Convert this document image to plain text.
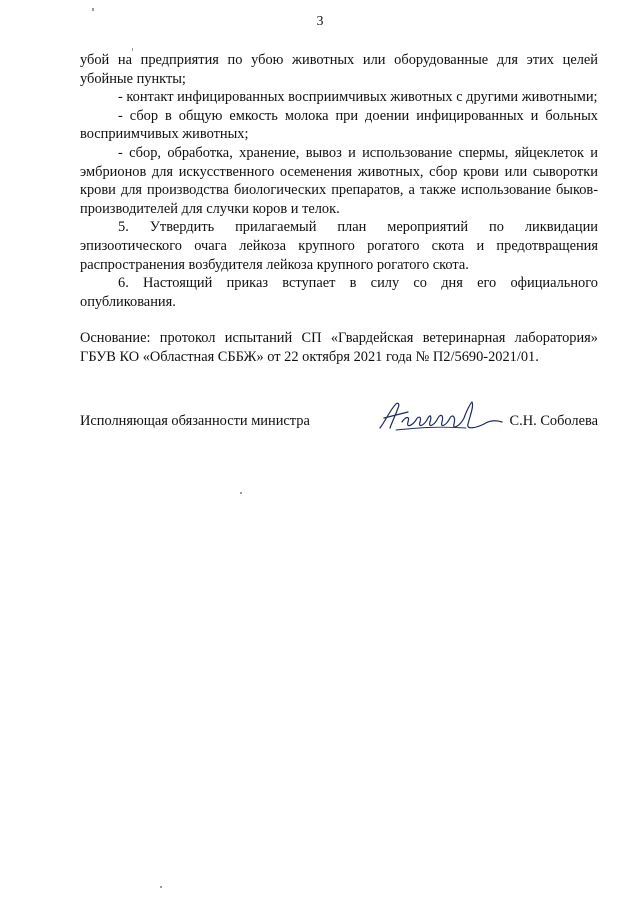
3

убой на предприятия по убою животных или оборудованные для этих целей убойные пункты;

- контакт инфицированных восприимчивых животных с другими животными;

- сбор в общую емкость молока при доении инфицированных и больных восприимчивых животных;

- сбор, обработка, хранение, вывоз и использование спермы, яйцеклеток и эмбрионов для искусственного осеменения животных, сбор крови или сыворотки крови для производства биологических препаратов, а также использование быков-производителей для случки коров и телок.

5. Утвердить прилагаемый план мероприятий по ликвидации эпизоотического очага лейкоза крупного рогатого скота и предотвращения распространения возбудителя лейкоза крупного рогатого скота.

6. Настоящий приказ вступает в силу со дня его официального опубликования.

Основание: протокол испытаний СП «Гвардейская ветеринарная лаборатория» ГБУВ КО «Областная СББЖ» от 22 октября 2021 года № П2/5690-2021/01.

Исполняющая обязанности министра	С.Н. Соболева
